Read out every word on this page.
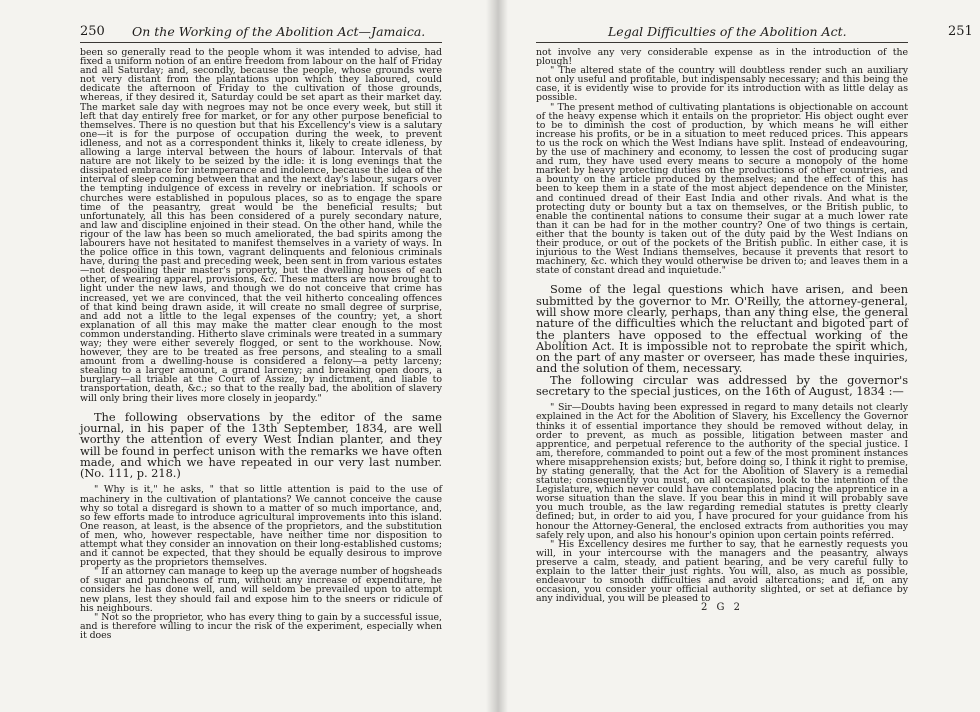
250 On the Working of the Abolition Act—Jamaica.

been so generally read to the people whom it was intended to advise, had fixed a uniform notion of an entire freedom from labour on the half of Friday and all Saturday; and, secondly, because the people, whose grounds were not very distant from the plantations upon which they laboured, could dedicate the afternoon of Friday to the cultivation of those grounds, whereas, if they desired it, Saturday could be set apart as their market day. The market sale day with negroes may not be once every week, but still it left that day entirely free for market, or for any other purpose beneficial to themselves. There is no question but that his Excellency's view is a salutary one—it is for the purpose of occupation during the week, to prevent idleness, and not as a correspondent thinks it, likely to create idleness, by allowing a large interval between the hours of labour. Intervals of that nature are not likely to be seized by the idle: it is long evenings that the dissipated embrace for intemperance and indolence, because the idea of the interval of sleep coming between that and the next day's labour, sugars over the tempting indulgence of excess in revelry or inebriation. If schools or churches were established in populous places, so as to engage the spare time of the peasantry, great would be the beneficial results; but unfortunately, all this has been considered of a purely secondary nature, and law and discipline enjoined in their stead. On the other hand, while the rigour of the law has been so much ameliorated, the bad spirits among the labourers have not hesitated to manifest themselves in a variety of ways. In the police office in this town, vagrant delinquents and felonious criminals have, during the past and preceding week, been sent in from various estates—not despoiling their master's property, but the dwelling houses of each other, of wearing apparel, provisions, &c. These matters are now brought to light under the new laws, and though we do not conceive that crime has increased, yet we are convinced, that the veil hitherto concealing offences of that kind being drawn aside, it will create no small degree of surprise, and add not a little to the legal expenses of the country; yet, a short explanation of all this may make the matter clear enough to the most common understanding. Hitherto slave criminals were treated in a summary way; they were either severely flogged, or sent to the workhouse. Now, however, they are to be treated as free persons, and stealing to a small amount from a dwelling-house is considered a felony—a petty larceny; stealing to a larger amount, a grand larceny; and breaking open doors, a burglary—all triable at the Court of Assize, by indictment, and liable to transportation, death, &c.; so that to the really bad, the abolition of slavery will only bring their lives more closely in jeopardy."

The following observations by the editor of the same journal, in his paper of the 13th September, 1834, are well worthy the attention of every West Indian planter, and they will be found in perfect unison with the remarks we have often made, and which we have repeated in our very last number. (No. 111, p. 218.)

" Why is it," he asks, " that so little attention is paid to the use of machinery in the cultivation of plantations? We cannot conceive the cause why so total a disregard is shown to a matter of so much importance, and, so few efforts made to introduce agricultural improvements into this island. One reason, at least, is the absence of the proprietors, and the substitution of men, who, however respectable, have neither time nor disposition to attempt what they consider an innovation on their long-established customs; and it cannot be expected, that they should be equally desirous to improve property as the proprietors themselves.

" If an attorney can manage to keep up the average number of hogsheads of sugar and puncheons of rum, without any increase of expenditure, he considers he has done well, and will seldom be prevailed upon to attempt new plans, lest they should fail and expose him to the sneers or ridicule of his neighbours.

" Not so the proprietor, who has every thing to gain by a successful issue, and is therefore willing to incur the risk of the experiment, especially when it does

Legal Difficulties of the Abolition Act.	251

not involve any very considerable expense as in the introduction of the plough!

" The altered state of the country will doubtless render such an auxiliary not only useful and profitable, but indispensably necessary; and this being the case, it is evidently wise to provide for its introduction with as little delay as possible.

" The present method of cultivating plantations is objectionable on account of the heavy expense which it entails on the proprietor. His object ought ever to be to diminish the cost of production, by which means he will either increase his profits, or be in a situation to meet reduced prices. This appears to us the rock on which the West Indians have split. Instead of endeavouring, by the use of machinery and economy, to lessen the cost of producing sugar and rum, they have used every means to secure a monopoly of the home market by heavy protecting duties on the productions of other countries, and a bounty on the article produced by themselves; and the effect of this has been to keep them in a state of the most abject dependence on the Minister, and continued dread of their East India and other rivals. And what is the protecting duty or bounty but a tax on themselves, or the British public, to enable the continental nations to consume their sugar at a much lower rate than it can be had for in the mother country? One of two things is certain, either that the bounty is taken out of the duty paid by the West Indians on their produce, or out of the pockets of the British public. In either case, it is injurious to the West Indians themselves, because it prevents that resort to machinery, &c. which they would otherwise be driven to; and leaves them in a state of constant dread and inquietude."

Some of the legal questions which have arisen, and been submitted by the governor to Mr. O'Reilly, the attorney-general, will show more clearly, perhaps, than any thing else, the general nature of the difficulties which the reluctant and bigoted part of the planters have opposed to the effectual working of the Abolition Act. It is impossible not to reprobate the spirit which, on the part of any master or overseer, has made these inquiries, and the solution of them, necessary.

The following circular was addressed by the governor's secretary to the special justices, on the 16th of August, 1834 :—

" Sir—Doubts having been expressed in regard to many details not clearly explained in the Act for the Abolition of Slavery, his Excellency the Governor thinks it of essential importance they should be removed without delay, in order to prevent, as much as possible, litigation between master and apprentice, and perpetual reference to the authority of the special justice. I am, therefore, commanded to point out a few of the most prominent instances where misapprehension exists; but, before doing so, I think it right to premise, by stating generally, that the Act for the Abolition of Slavery is a remedial statute; consequently you must, on all occasions, look to the intention of the Legislature, which never could have contemplated placing the apprentice in a worse situation than the slave. If you bear this in mind it will probably save you much trouble, as the law regarding remedial statutes is pretty clearly defined; but, in order to aid you, I have procured for your guidance from his honour the Attorney-General, the enclosed extracts from authorities you may safely rely upon, and also his honour's opinion upon certain points referred.

" His Excellency desires me further to say, that he earnestly requests you will, in your intercourse with the managers and the peasantry, always preserve a calm, steady, and patient bearing, and be very careful fully to explain to the latter their just rights. You will, also, as much as possible, endeavour to smooth difficulties and avoid altercations; and if, on any occasion, you consider your official authority slighted, or set at defiance by any individual, you will be pleased to

2 G 2
